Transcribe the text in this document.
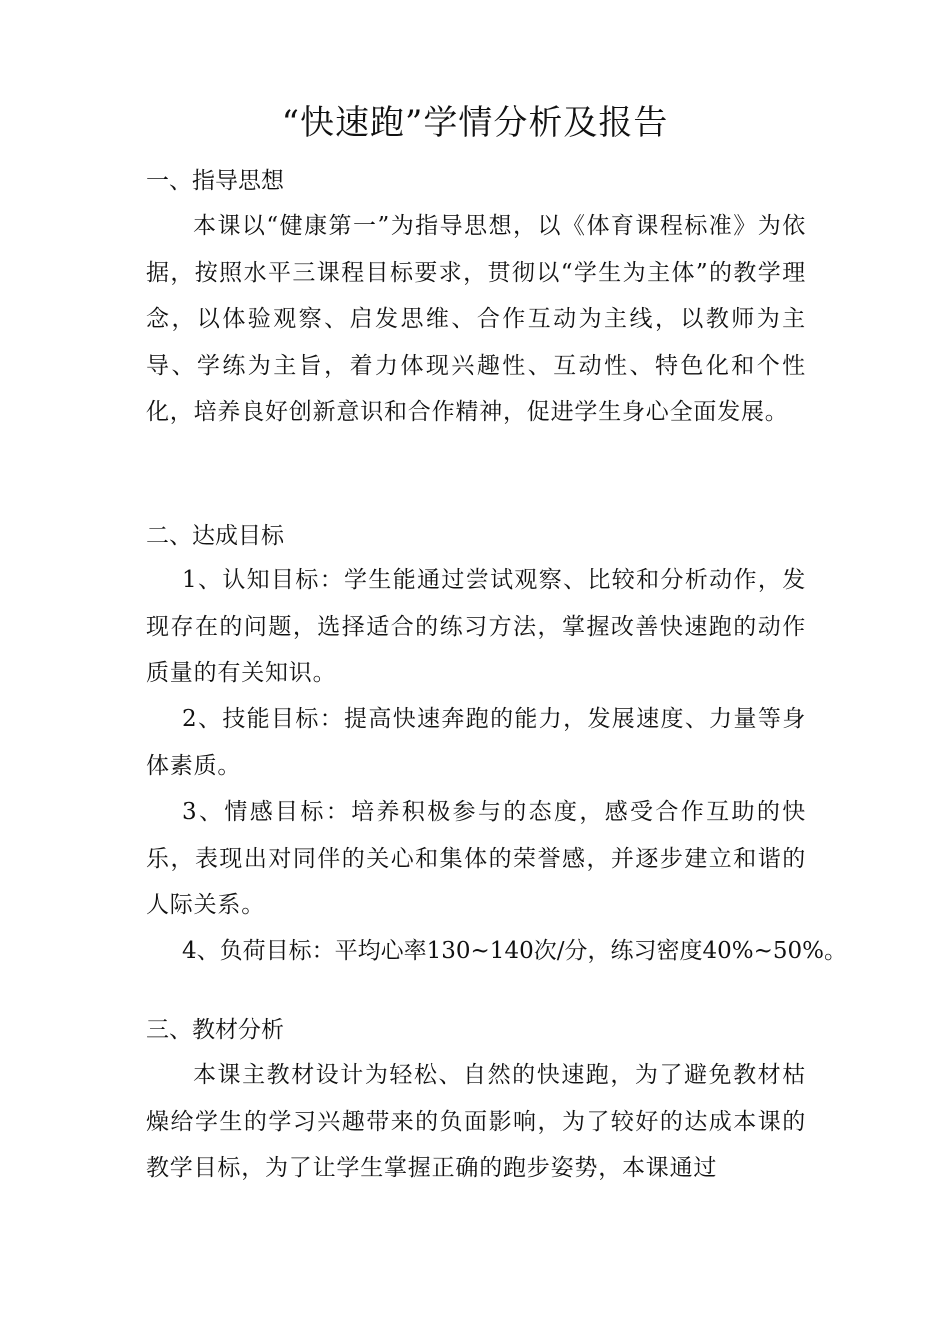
“快速跑”学情分析及报告
一、指导思想

本课以“健康第一”为指导思想，以《体育课程标准》为依据，按照水平三课程目标要求，贯彻以“学生为主体”的教学理念，以体验观察、启发思维、合作互动为主线，以教师为主导、学练为主旨，着力体现兴趣性、互动性、特色化和个性化，培养良好创新意识和合作精神，促进学生身心全面发展。

二、达成目标

1、认知目标：学生能通过尝试观察、比较和分析动作，发现存在的问题，选择适合的练习方法，掌握改善快速跑的动作质量的有关知识。

2、技能目标：提高快速奔跑的能力，发展速度、力量等身体素质。

3、情感目标：培养积极参与的态度，感受合作互助的快乐，表现出对同伴的关心和集体的荣誉感，并逐步建立和谐的人际关系。

4、负荷目标：平均心率130~140次/分，练习密度40%~50%。

三、教材分析

本课主教材设计为轻松、自然的快速跑，为了避免教材枯燥给学生的学习兴趣带来的负面影响，为了较好的达成本课的教学目标，为了让学生掌握正确的跑步姿势，本课通过
